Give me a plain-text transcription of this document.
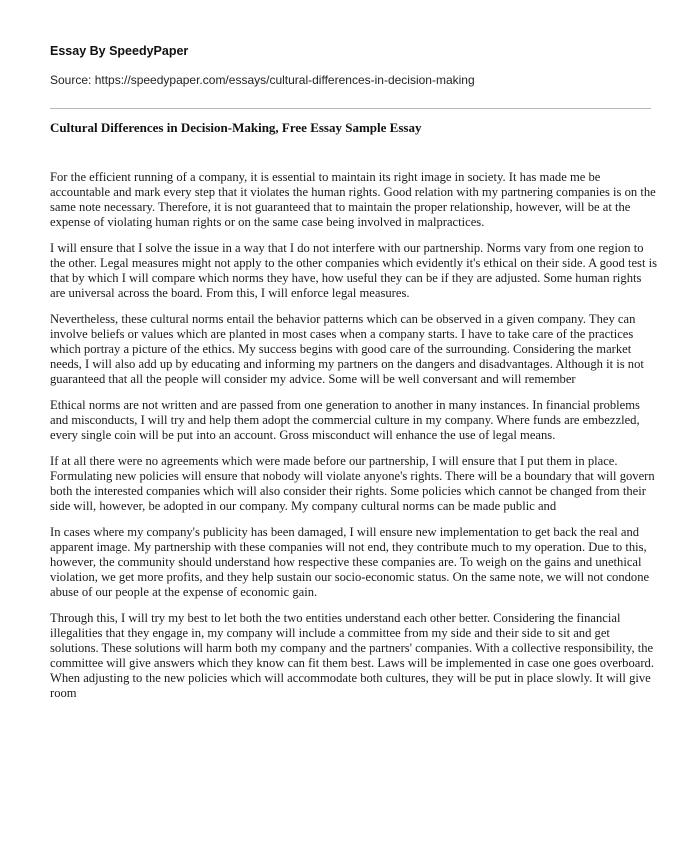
Essay By SpeedyPaper
Source: https://speedypaper.com/essays/cultural-differences-in-decision-making
Cultural Differences in Decision-Making, Free Essay Sample Essay

For the efficient running of a company, it is essential to maintain its right image in society. It has made me be accountable and mark every step that it violates the human rights. Good relation with my partnering companies is on the same note necessary. Therefore, it is not guaranteed that to maintain the proper relationship, however, will be at the expense of violating human rights or on the same case being involved in malpractices.

I will ensure that I solve the issue in a way that I do not interfere with our partnership. Norms vary from one region to the other. Legal measures might not apply to the other companies which evidently it's ethical on their side. A good test is that by which I will compare which norms they have, how useful they can be if they are adjusted. Some human rights are universal across the board. From this, I will enforce legal measures.

Nevertheless, these cultural norms entail the behavior patterns which can be observed in a given company. They can involve beliefs or values which are planted in most cases when a company starts. I have to take care of the practices which portray a picture of the ethics. My success begins with good care of the surrounding. Considering the market needs, I will also add up by educating and informing my partners on the dangers and disadvantages. Although it is not guaranteed that all the people will consider my advice. Some will be well conversant and will remember

Ethical norms are not written and are passed from one generation to another in many instances. In financial problems and misconducts, I will try and help them adopt the commercial culture in my company. Where funds are embezzled, every single coin will be put into an account. Gross misconduct will enhance the use of legal means.

If at all there were no agreements which were made before our partnership, I will ensure that I put them in place. Formulating new policies will ensure that nobody will violate anyone's rights. There will be a boundary that will govern both the interested companies which will also consider their rights. Some policies which cannot be changed from their side will, however, be adopted in our company. My company cultural norms can be made public and

In cases where my company's publicity has been damaged, I will ensure new implementation to get back the real and apparent image. My partnership with these companies will not end, they contribute much to my operation. Due to this, however, the community should understand how respective these companies are. To weigh on the gains and unethical violation, we get more profits, and they help sustain our socio-economic status. On the same note, we will not condone abuse of our people at the expense of economic gain.

Through this, I will try my best to let both the two entities understand each other better. Considering the financial illegalities that they engage in, my company will include a committee from my side and their side to sit and get solutions. These solutions will harm both my company and the partners' companies. With a collective responsibility, the committee will give answers which they know can fit them best. Laws will be implemented in case one goes overboard. When adjusting to the new policies which will accommodate both cultures, they will be put in place slowly. It will give room
